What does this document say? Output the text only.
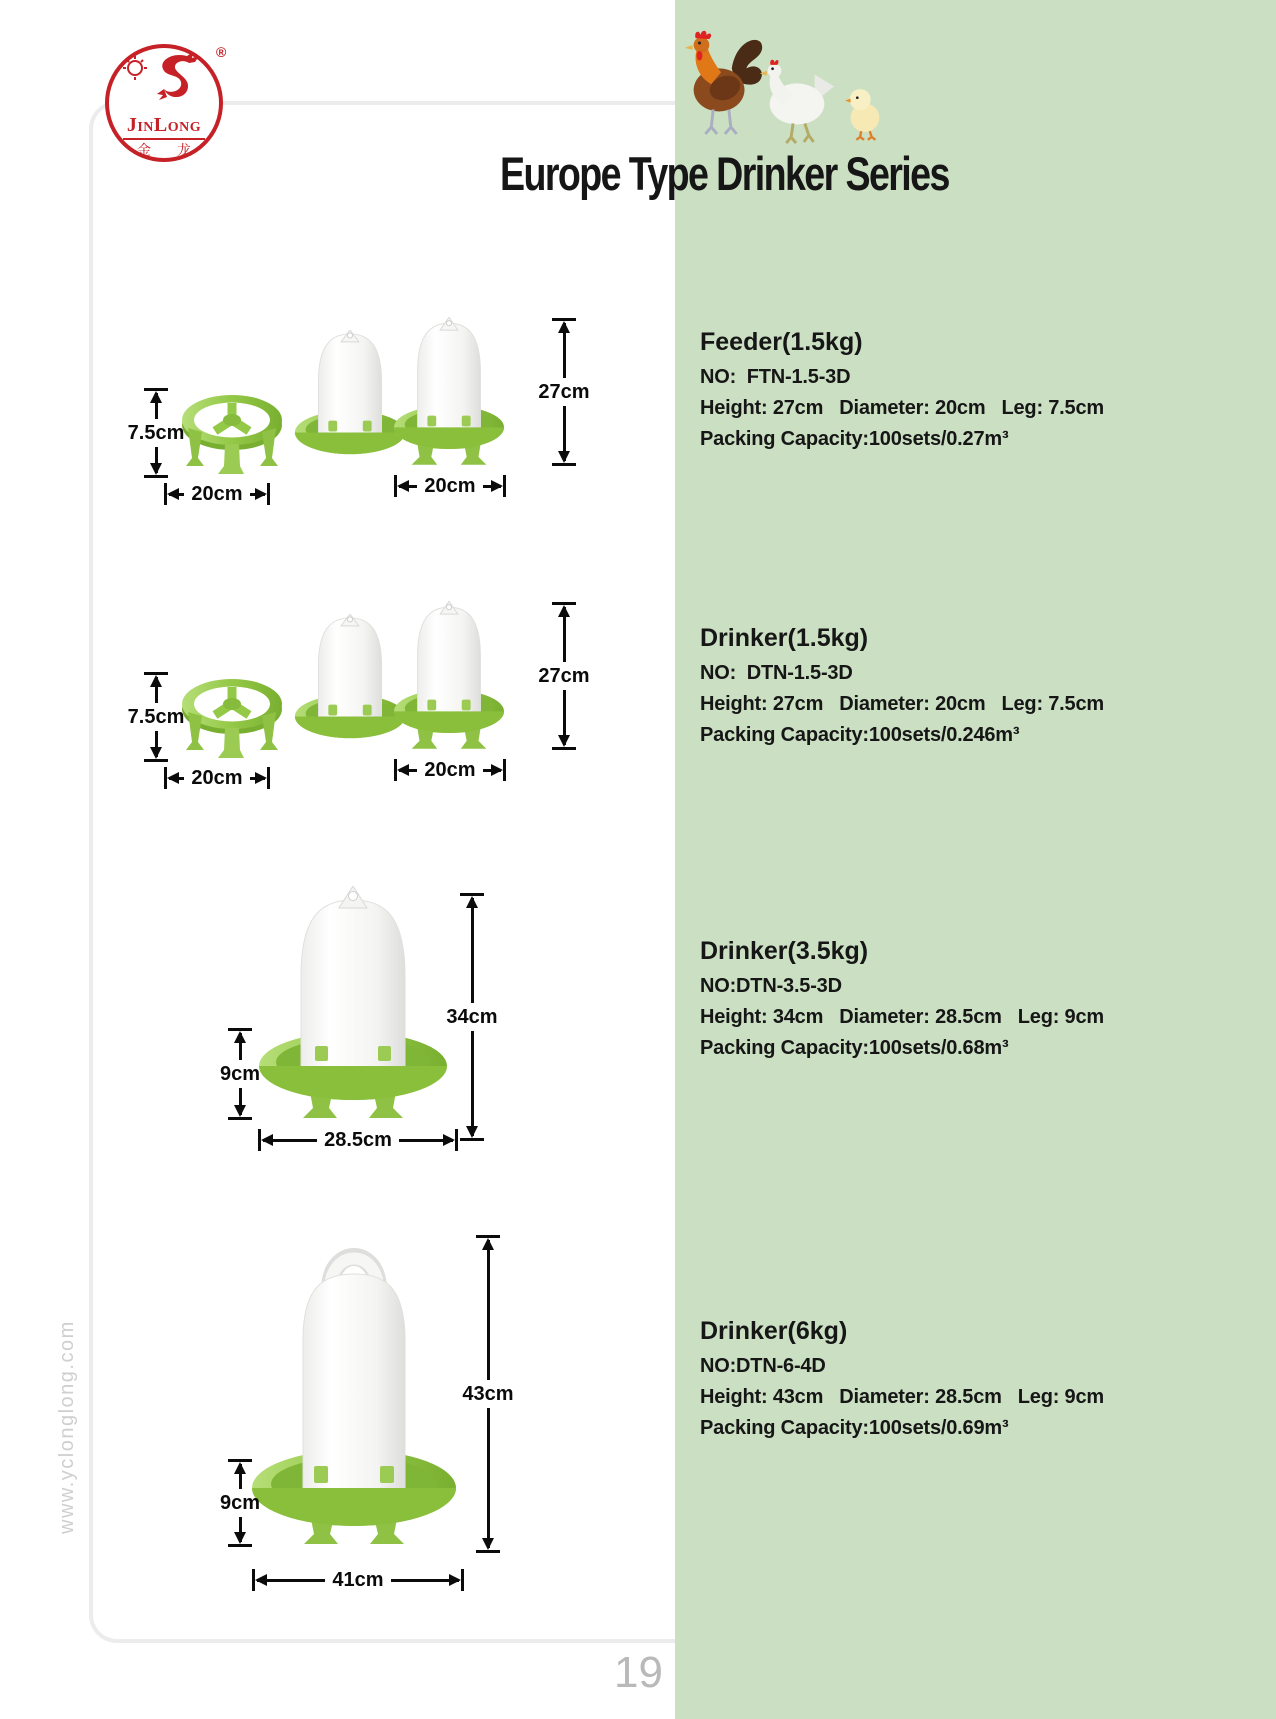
JinLong
金龙
®
Europe Type Drinker Series
7.5cm
27cm
20cm	20cm
7.5cm
27cm
20cm	20cm
34cm
9cm
28.5cm
43cm
9cm
41cm
Feeder(1.5kg)

NO:  FTN-1.5-3D

Height: 27cm   Diameter: 20cm   Leg: 7.5cm

Packing Capacity:100sets/0.27m³

Drinker(1.5kg)

NO:  DTN-1.5-3D

Height: 27cm   Diameter: 20cm   Leg: 7.5cm

Packing Capacity:100sets/0.246m³

Drinker(3.5kg)

NO:DTN-3.5-3D

Height: 34cm   Diameter: 28.5cm   Leg: 9cm

Packing Capacity:100sets/0.68m³

Drinker(6kg)

NO:DTN-6-4D

Height: 43cm   Diameter: 28.5cm   Leg: 9cm

Packing Capacity:100sets/0.69m³

www.yclonglong.com
19
